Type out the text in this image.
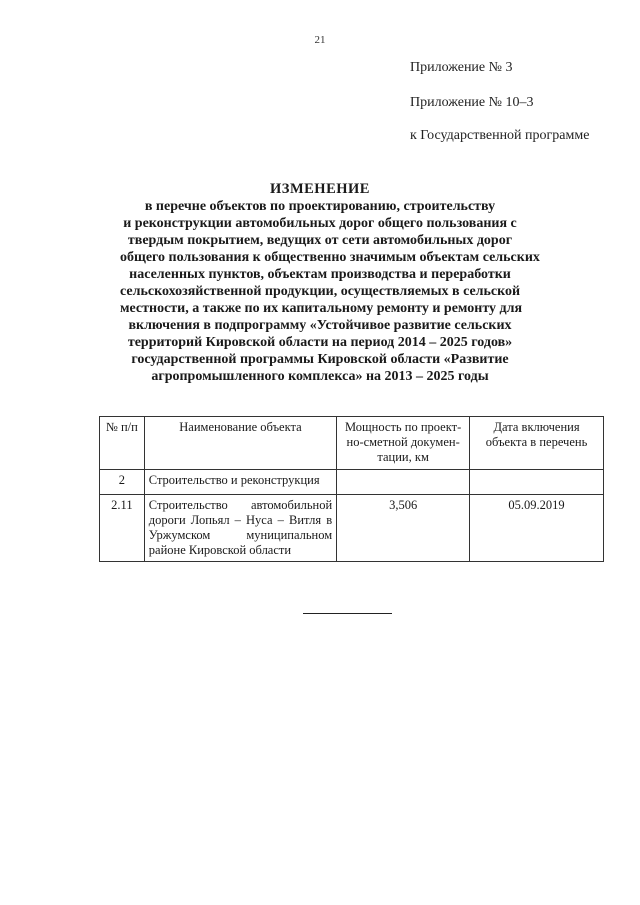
21
Приложение № 3
Приложение № 10–3
к Государственной программе
ИЗМЕНЕНИЕ
в перечне объектов по проектированию, строительству
и реконструкции автомобильных дорог общего пользования с
твердым покрытием, ведущих от сети автомобильных дорог
общего пользования к общественно значимым объектам сельских
населенных пунктов, объектам производства и переработки
сельскохозяйственной продукции, осуществляемых в сельской
местности, а также по их капитальному ремонту и ремонту для
включения в подпрограмму «Устойчивое развитие сельских
территорий Кировской области на период 2014 – 2025 годов»
государственной программы Кировской области «Развитие
агропромышленного комплекса» на 2013 – 2025 годы
№ п/п	Наименование объекта	Мощность по проект-но-сметной докумен-тации, км	Дата включения объекта в перечень
2	Строительство и реконструкция		
2.11	Строительство автомобильной
дороги Лопьял – Нуса – Витля в
Уржумском муниципальном
районе Кировской области	3,506	05.09.2019
